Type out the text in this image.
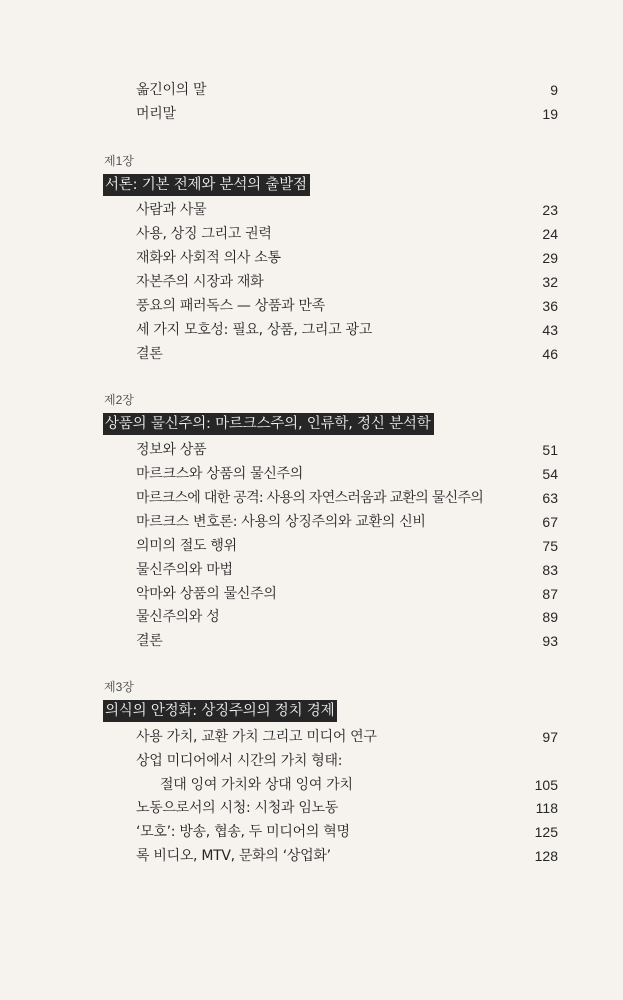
옮긴이의 말	9
머리말	19
제1장
서론: 기본 전제와 분석의 출발점
사람과 사물	23
사용, 상징 그리고 권력	24
재화와 사회적 의사 소통	29
자본주의 시장과 재화	32
풍요의 패러독스 — 상품과 만족	36
세 가지 모호성: 필요, 상품, 그리고 광고	43
결론	46
제2장
상품의 물신주의: 마르크스주의, 인류학, 정신 분석학
정보와 상품	51
마르크스와 상품의 물신주의	54
마르크스에 대한 공격: 사용의 자연스러움과 교환의 물신주의	63
마르크스 변호론: 사용의 상징주의와 교환의 신비	67
의미의 절도 행위	75
물신주의와 마법	83
악마와 상품의 물신주의	87
물신주의와 성	89
결론	93
제3장
의식의 안정화: 상징주의의 정치 경제
사용 가치, 교환 가치 그리고 미디어 연구	97
상업 미디어에서 시간의 가치 형태:
절대 잉여 가치와 상대 잉여 가치	105
노동으로서의 시청: 시청과 임노동	118
‘모호’: 방송, 협송, 두 미디어의 혁명	125
록 비디오, MTV, 문화의 ‘상업화’	128
